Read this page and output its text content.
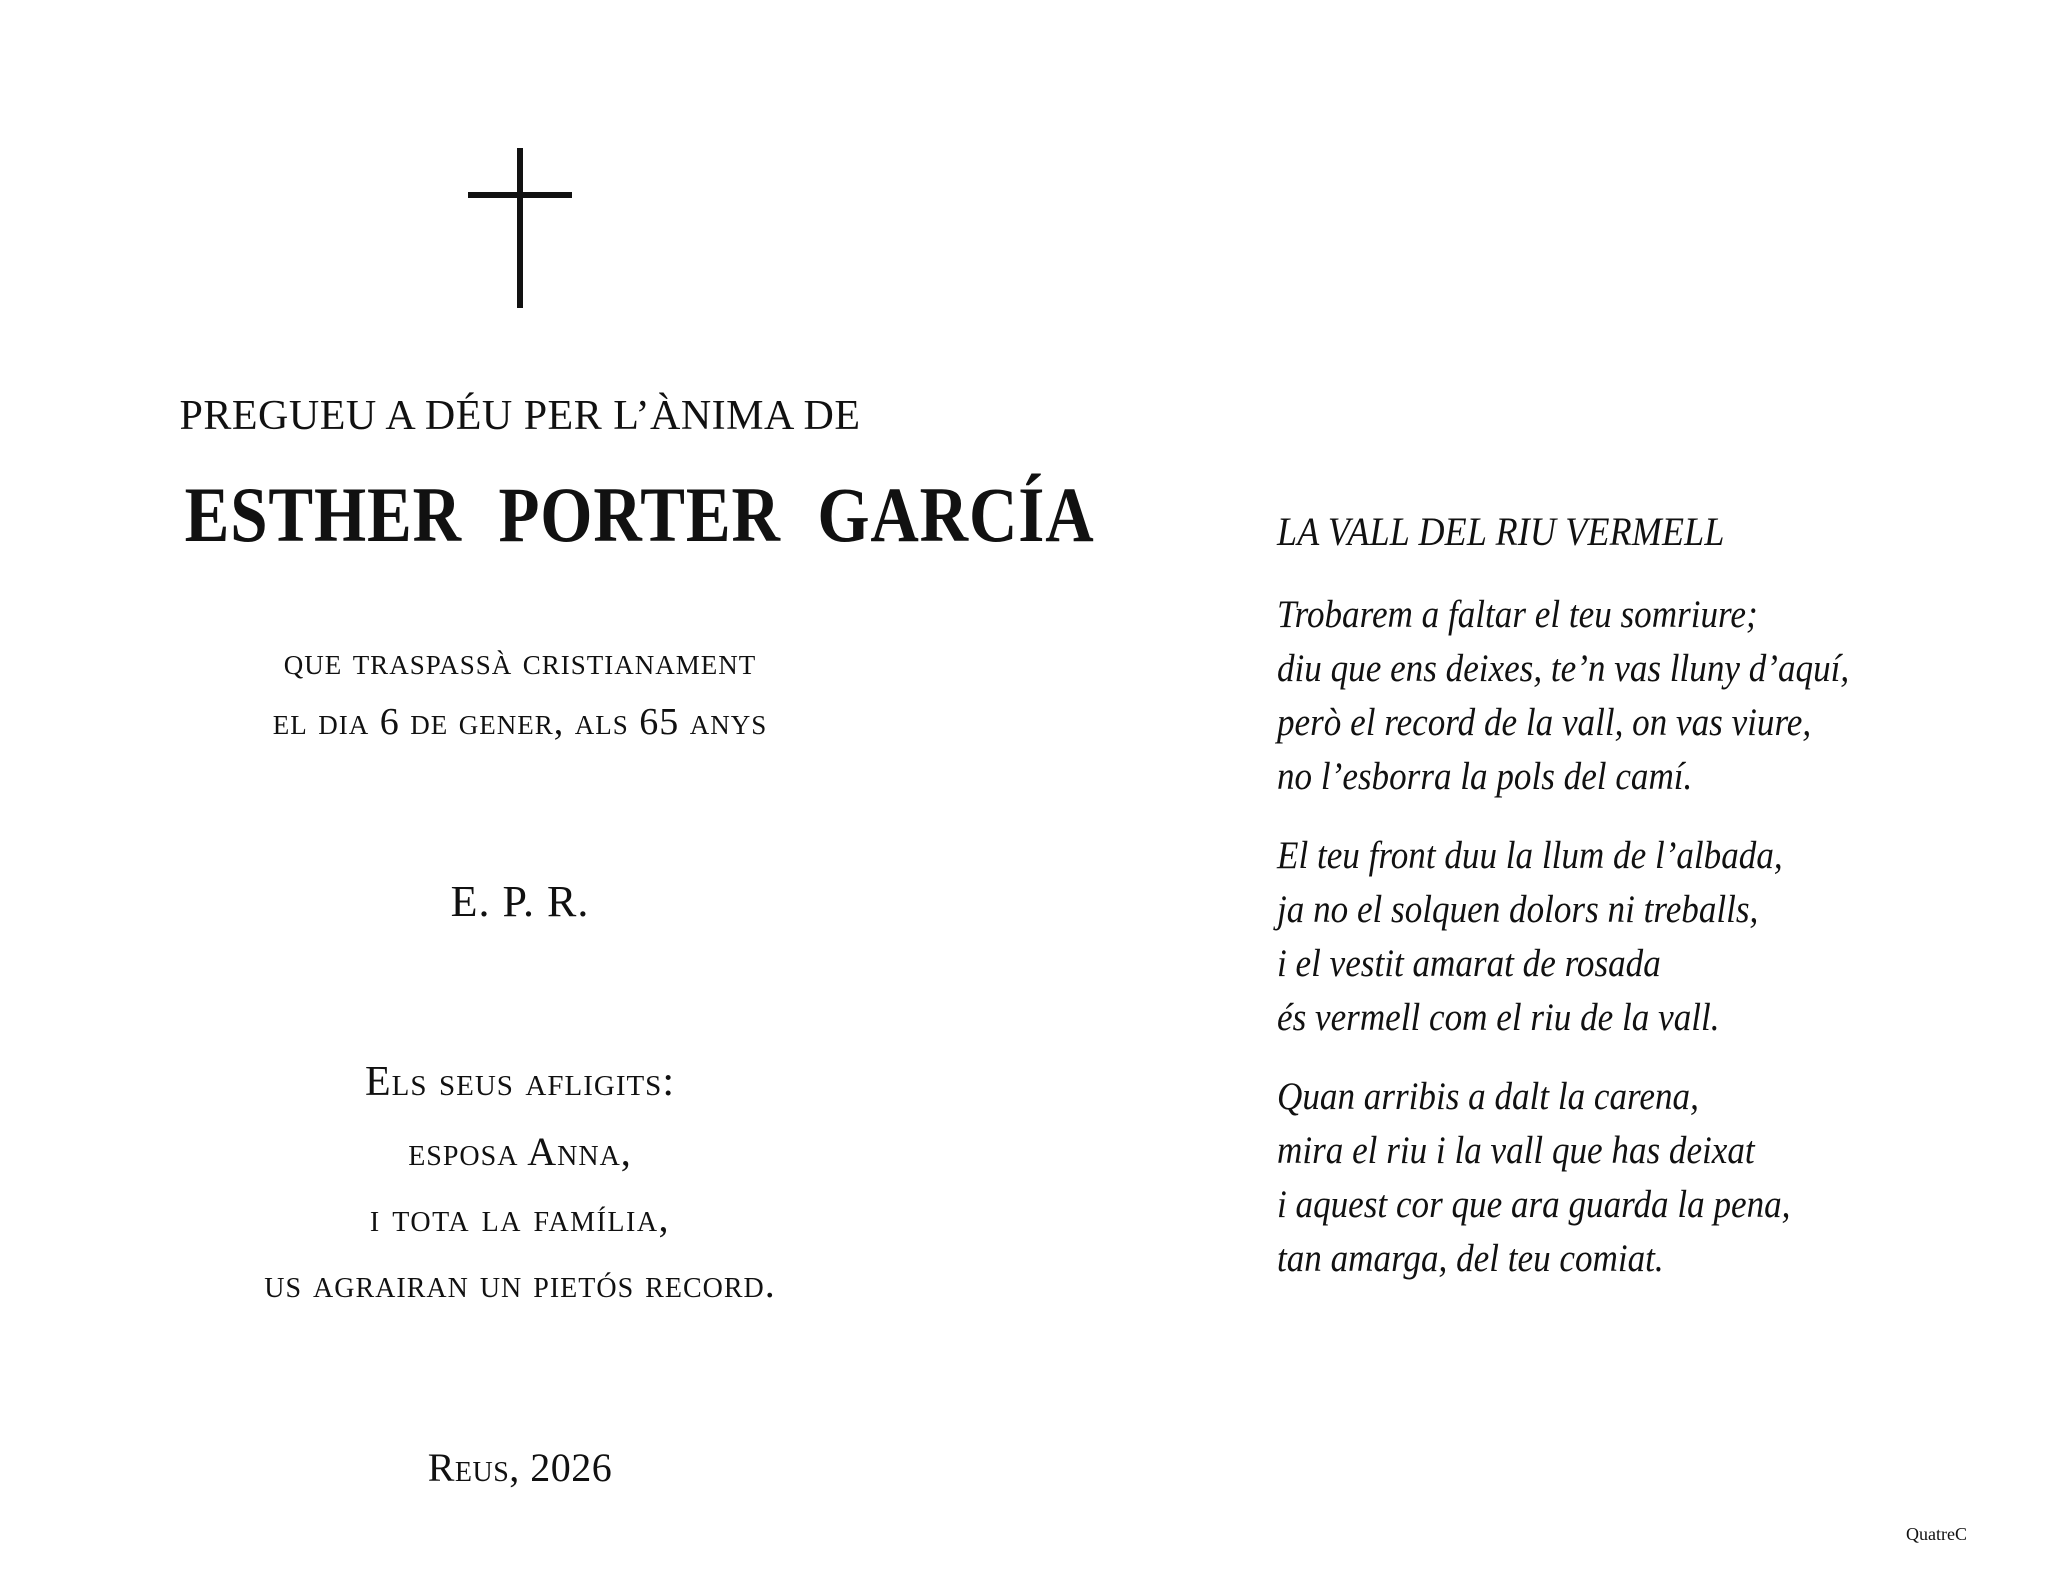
PREGUEU A DÉU PER L’ÀNIMA DE
ESTHER PORTER GARCÍA
que traspassà cristianament
el dia 6 de gener, als 65 anys
E. P. R.
Els seus afligits:
esposa Anna,
i tota la família,
us agrairan un pietós record.
Reus, 2026
LA VALL DEL RIU VERMELL
Trobarem a faltar el teu somriure;
diu que ens deixes, te’n vas lluny d’aquí,
però el record de la vall, on vas viure,
no l’esborra la pols del camí.
El teu front duu la llum de l’albada,
ja no el solquen dolors ni treballs,
i el vestit amarat de rosada
és vermell com el riu de la vall.
Quan arribis a dalt la carena,
mira el riu i la vall que has deixat
i aquest cor que ara guarda la pena,
tan amarga, del teu comiat.
QuatreC
